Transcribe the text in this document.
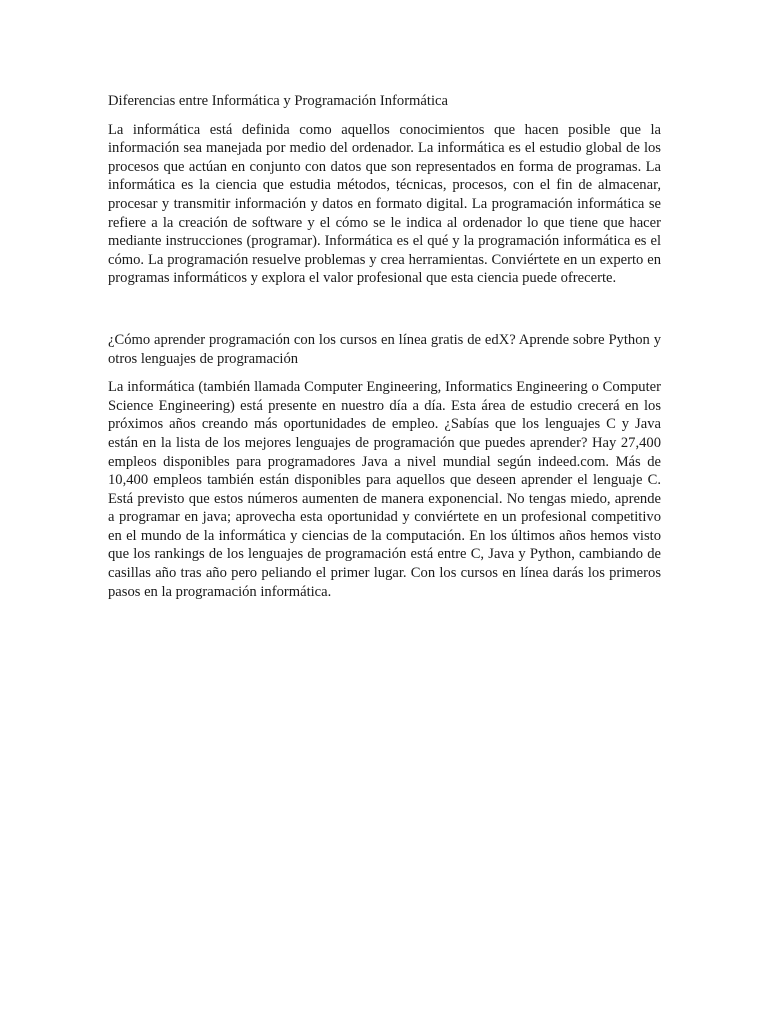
Diferencias entre Informática y Programación Informática

La informática está definida como aquellos conocimientos que hacen posible que la información sea manejada por medio del ordenador. La informática es el estudio global de los procesos que actúan en conjunto con datos que son representados en forma de programas. La informática es la ciencia que estudia métodos, técnicas, procesos, con el fin de almacenar, procesar y transmitir información y datos en formato digital. La programación informática se refiere a la creación de software y el cómo se le indica al ordenador lo que tiene que hacer mediante instrucciones (programar). Informática es el qué y la programación informática es el cómo. La programación resuelve problemas y crea herramientas. Conviértete en un experto en programas informáticos y explora el valor profesional que esta ciencia puede ofrecerte.

¿Cómo aprender programación con los cursos en línea gratis de edX? Aprende sobre Python y otros lenguajes de programación

La informática (también llamada Computer Engineering, Informatics Engineering o Computer Science Engineering) está presente en nuestro día a día. Esta área de estudio crecerá en los próximos años creando más oportunidades de empleo. ¿Sabías que los lenguajes C y Java están en la lista de los mejores lenguajes de programación que puedes aprender? Hay 27,400 empleos disponibles para programadores Java a nivel mundial según indeed.com. Más de 10,400 empleos también están disponibles para aquellos que deseen aprender el lenguaje C. Está previsto que estos números aumenten de manera exponencial. No tengas miedo, aprende a programar en java; aprovecha esta oportunidad y conviértete en un profesional competitivo en el mundo de la informática y ciencias de la computación. En los últimos años hemos visto que los rankings de los lenguajes de programación está entre C, Java y Python, cambiando de casillas año tras año pero peliando el primer lugar. Con los cursos en línea darás los primeros pasos en la programación informática.
